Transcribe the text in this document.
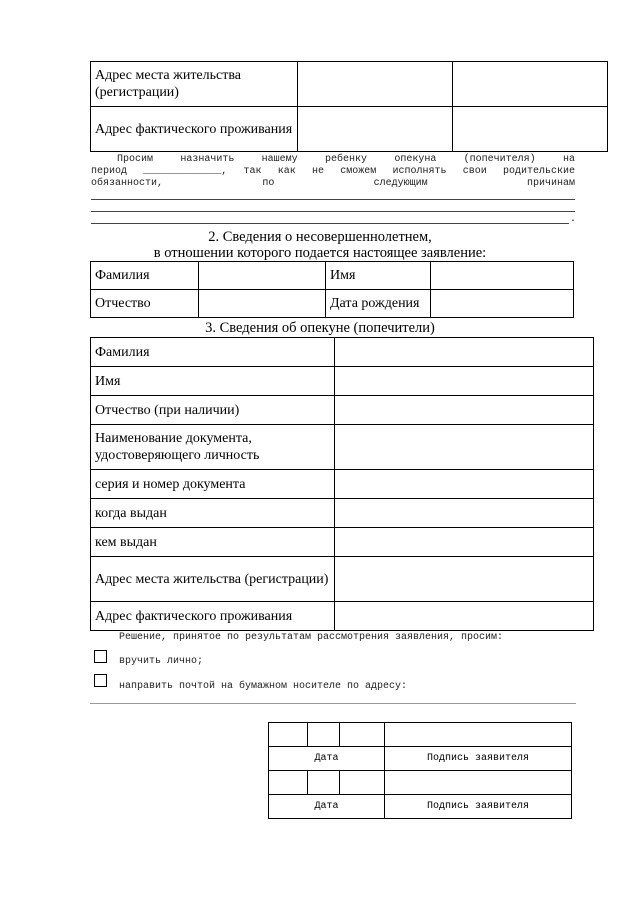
Адрес места жительства (регистрации)		
Адрес фактического проживания		
Просим назначить нашему ребенку опекуна (попечителя) на
период _____________, так как не сможем исполнять свои родительские
обязанности, по следующим причинам
.
2. Сведения о несовершеннолетнем,
в отношении которого подается настоящее заявление:
Фамилия		Имя	
Отчество		Дата рождения	
3. Сведения об опекуне (попечители)
Фамилия	
Имя	
Отчество (при наличии)	
Наименование документа, удостоверяющего личность	
серия и номер документа	
когда выдан	
кем выдан	
Адрес места жительства (регистрации)	
Адрес фактического проживания	
Решение, принятое по результатам рассмотрения заявления, просим:
вручить лично;
направить почтой на бумажном носителе по адресу:

Дата			Подпись заявителя

Дата			Подпись заявителя
